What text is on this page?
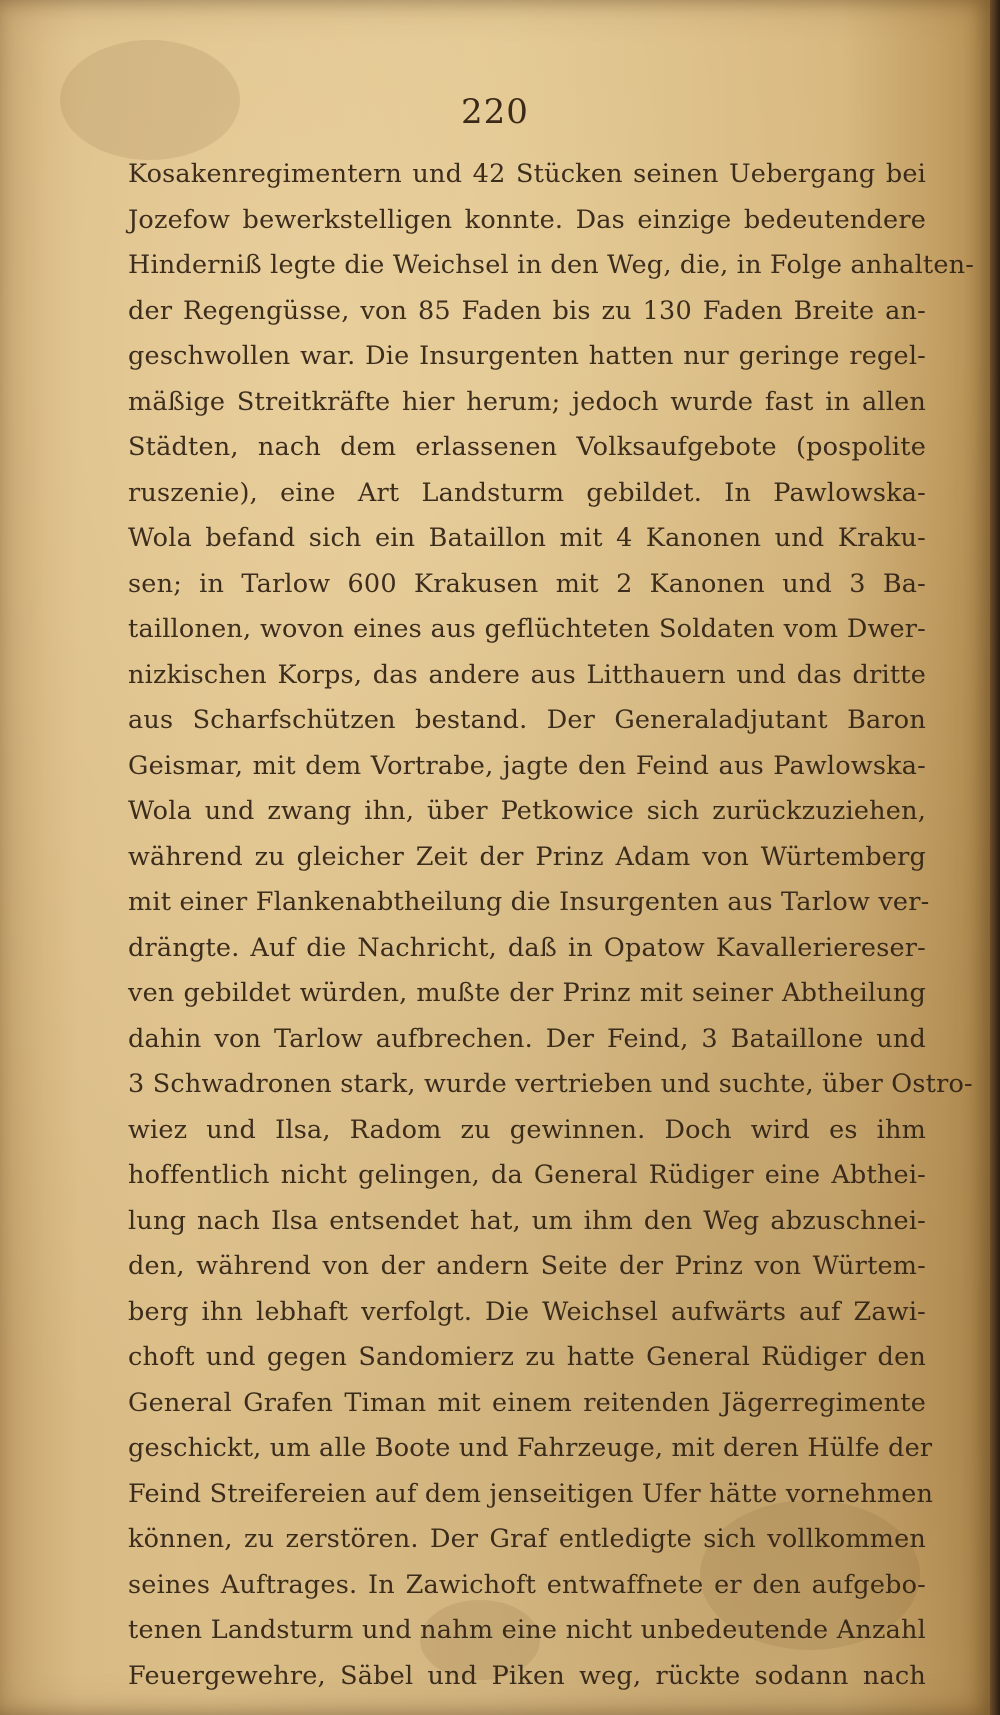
220
Kosakenregimentern und 42 Stücken seinen Uebergang bei
Jozefow bewerkstelligen konnte. Das einzige bedeutendere
Hinderniß legte die Weichsel in den Weg, die, in Folge anhalten-
der Regengüsse, von 85 Faden bis zu 130 Faden Breite an-
geschwollen war. Die Insurgenten hatten nur geringe regel-
mäßige Streitkräfte hier herum; jedoch wurde fast in allen
Städten, nach dem erlassenen Volksaufgebote (pospolite
ruszenie), eine Art Landsturm gebildet. In Pawlowska-
Wola befand sich ein Bataillon mit 4 Kanonen und Kraku-
sen; in Tarlow 600 Krakusen mit 2 Kanonen und 3 Ba-
taillonen, wovon eines aus geflüchteten Soldaten vom Dwer-
nizkischen Korps, das andere aus Litthauern und das dritte
aus Scharfschützen bestand. Der Generaladjutant Baron
Geismar, mit dem Vortrabe, jagte den Feind aus Pawlowska-
Wola und zwang ihn, über Petkowice sich zurückzuziehen,
während zu gleicher Zeit der Prinz Adam von Würtemberg
mit einer Flankenabtheilung die Insurgenten aus Tarlow ver-
drängte. Auf die Nachricht, daß in Opatow Kavalleriereser-
ven gebildet würden, mußte der Prinz mit seiner Abtheilung
dahin von Tarlow aufbrechen. Der Feind, 3 Bataillone und
3 Schwadronen stark, wurde vertrieben und suchte, über Ostro-
wiez und Ilsa, Radom zu gewinnen. Doch wird es ihm
hoffentlich nicht gelingen, da General Rüdiger eine Abthei-
lung nach Ilsa entsendet hat, um ihm den Weg abzuschnei-
den, während von der andern Seite der Prinz von Würtem-
berg ihn lebhaft verfolgt. Die Weichsel aufwärts auf Zawi-
choft und gegen Sandomierz zu hatte General Rüdiger den
General Grafen Timan mit einem reitenden Jägerregimente
geschickt, um alle Boote und Fahrzeuge, mit deren Hülfe der
Feind Streifereien auf dem jenseitigen Ufer hätte vornehmen
können, zu zerstören. Der Graf entledigte sich vollkommen
seines Auftrages. In Zawichoft entwaffnete er den aufgebo-
tenen Landsturm und nahm eine nicht unbedeutende Anzahl
Feuergewehre, Säbel und Piken weg, rückte sodann nach
